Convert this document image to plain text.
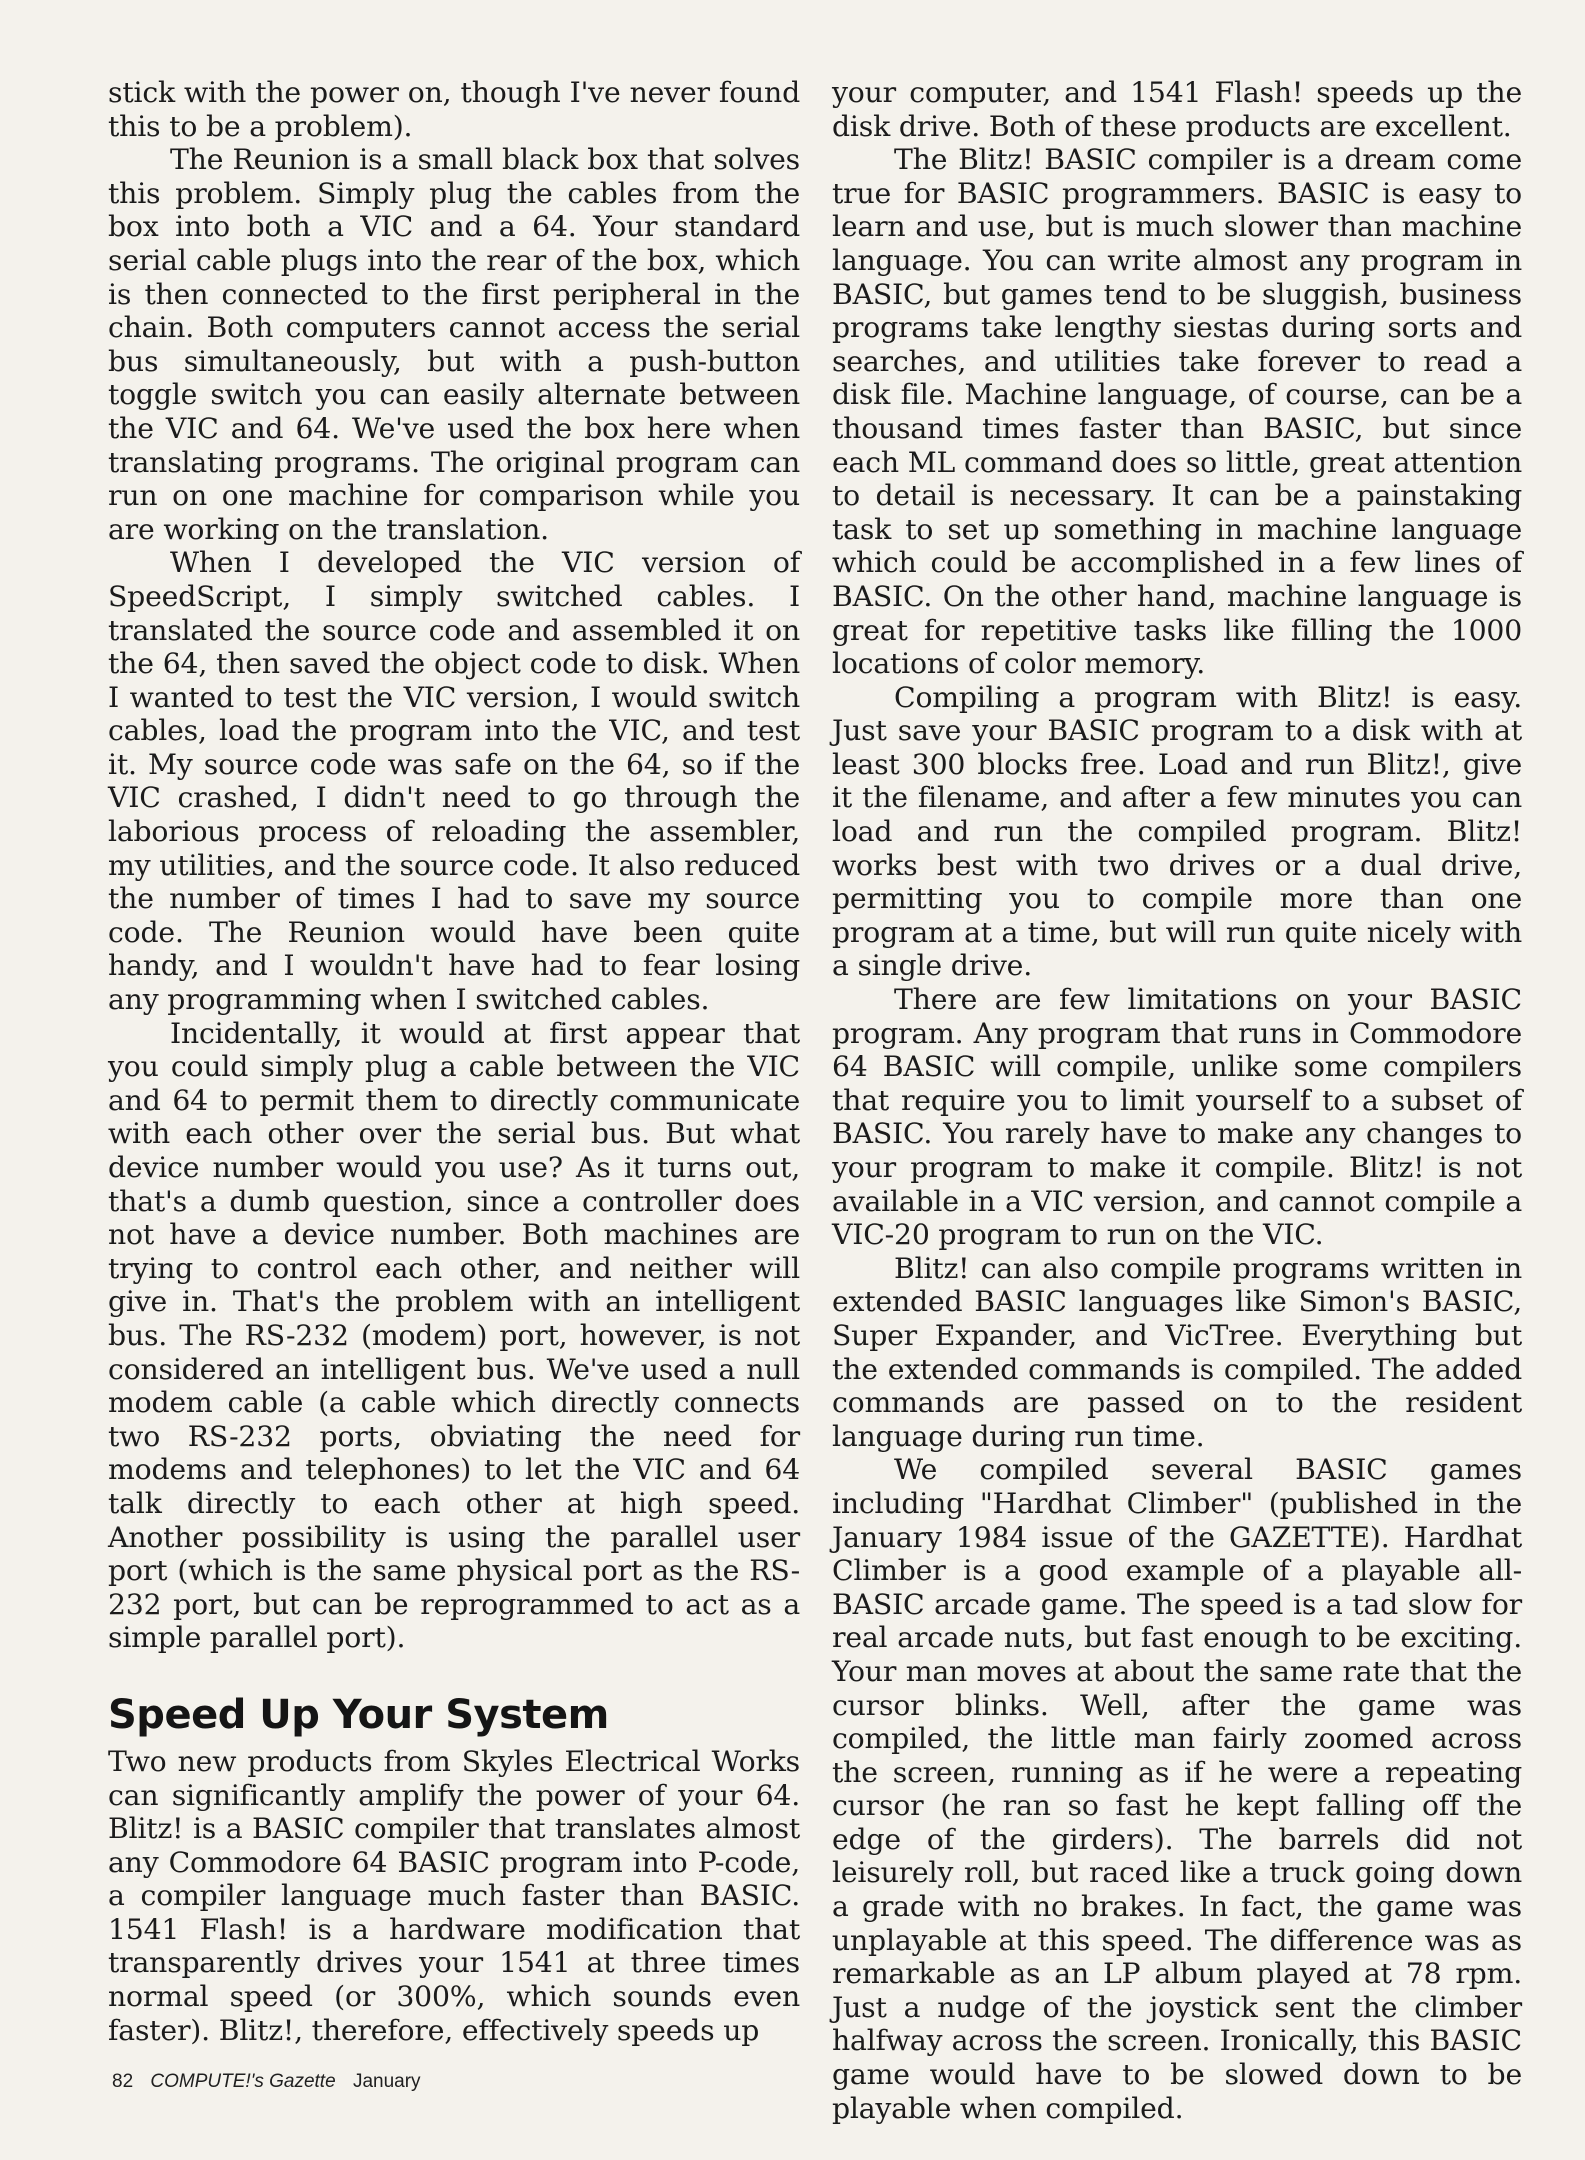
stick with the power on, though I've never found this to be a problem).

The Reunion is a small black box that solves this problem. Simply plug the cables from the box into both a VIC and a 64. Your standard serial cable plugs into the rear of the box, which is then connected to the first peripheral in the chain. Both computers cannot access the serial bus simultaneously, but with a push-button toggle switch you can easily alternate between the VIC and 64. We've used the box here when translating programs. The original program can run on one machine for comparison while you are working on the translation.

When I developed the VIC version of SpeedScript, I simply switched cables. I translated the source code and assembled it on the 64, then saved the object code to disk. When I wanted to test the VIC version, I would switch cables, load the program into the VIC, and test it. My source code was safe on the 64, so if the VIC crashed, I didn't need to go through the laborious process of reloading the assembler, my utilities, and the source code. It also reduced the number of times I had to save my source code. The Reunion would have been quite handy, and I wouldn't have had to fear losing any programming when I switched cables.

Incidentally, it would at first appear that you could simply plug a cable between the VIC and 64 to permit them to directly communicate with each other over the serial bus. But what device number would you use? As it turns out, that's a dumb question, since a controller does not have a device number. Both machines are trying to control each other, and neither will give in. That's the problem with an intelligent bus. The RS-232 (modem) port, however, is not considered an intelligent bus. We've used a null modem cable (a cable which directly connects two RS-232 ports, obviating the need for modems and telephones) to let the VIC and 64 talk directly to each other at high speed. Another possibility is using the parallel user port (which is the same physical port as the RS-232 port, but can be reprogrammed to act as a simple parallel port).

Speed Up Your System

Two new products from Skyles Electrical Works can significantly amplify the power of your 64. Blitz! is a BASIC compiler that translates almost any Commodore 64 BASIC program into P-code, a compiler language much faster than BASIC. 1541 Flash! is a hardware modification that transparently drives your 1541 at three times normal speed (or 300%, which sounds even faster). Blitz!, therefore, effectively speeds up

your computer, and 1541 Flash! speeds up the disk drive. Both of these products are excellent.

The Blitz! BASIC compiler is a dream come true for BASIC programmers. BASIC is easy to learn and use, but is much slower than machine language. You can write almost any program in BASIC, but games tend to be sluggish, business programs take lengthy siestas during sorts and searches, and utilities take forever to read a disk file. Machine language, of course, can be a thousand times faster than BASIC, but since each ML command does so little, great attention to detail is necessary. It can be a painstaking task to set up something in machine language which could be accomplished in a few lines of BASIC. On the other hand, machine language is great for repetitive tasks like filling the 1000 locations of color memory.

Compiling a program with Blitz! is easy. Just save your BASIC program to a disk with at least 300 blocks free. Load and run Blitz!, give it the filename, and after a few minutes you can load and run the compiled program. Blitz! works best with two drives or a dual drive, permitting you to compile more than one program at a time, but will run quite nicely with a single drive.

There are few limitations on your BASIC program. Any program that runs in Commodore 64 BASIC will compile, unlike some compilers that require you to limit yourself to a subset of BASIC. You rarely have to make any changes to your program to make it compile. Blitz! is not available in a VIC version, and cannot compile a VIC-20 program to run on the VIC.

Blitz! can also compile programs written in extended BASIC languages like Simon's BASIC, Super Expander, and VicTree. Everything but the extended commands is compiled. The added commands are passed on to the resident language during run time.

We compiled several BASIC games including "Hardhat Climber" (published in the January 1984 issue of the GAZETTE). Hardhat Climber is a good example of a playable all-BASIC arcade game. The speed is a tad slow for real arcade nuts, but fast enough to be exciting. Your man moves at about the same rate that the cursor blinks. Well, after the game was compiled, the little man fairly zoomed across the screen, running as if he were a repeating cursor (he ran so fast he kept falling off the edge of the girders). The barrels did not leisurely roll, but raced like a truck going down a grade with no brakes. In fact, the game was unplayable at this speed. The difference was as remarkable as an LP album played at 78 rpm. Just a nudge of the joystick sent the climber halfway across the screen. Ironically, this BASIC game would have to be slowed down to be playable when compiled.

82 COMPUTE!'s Gazette January
